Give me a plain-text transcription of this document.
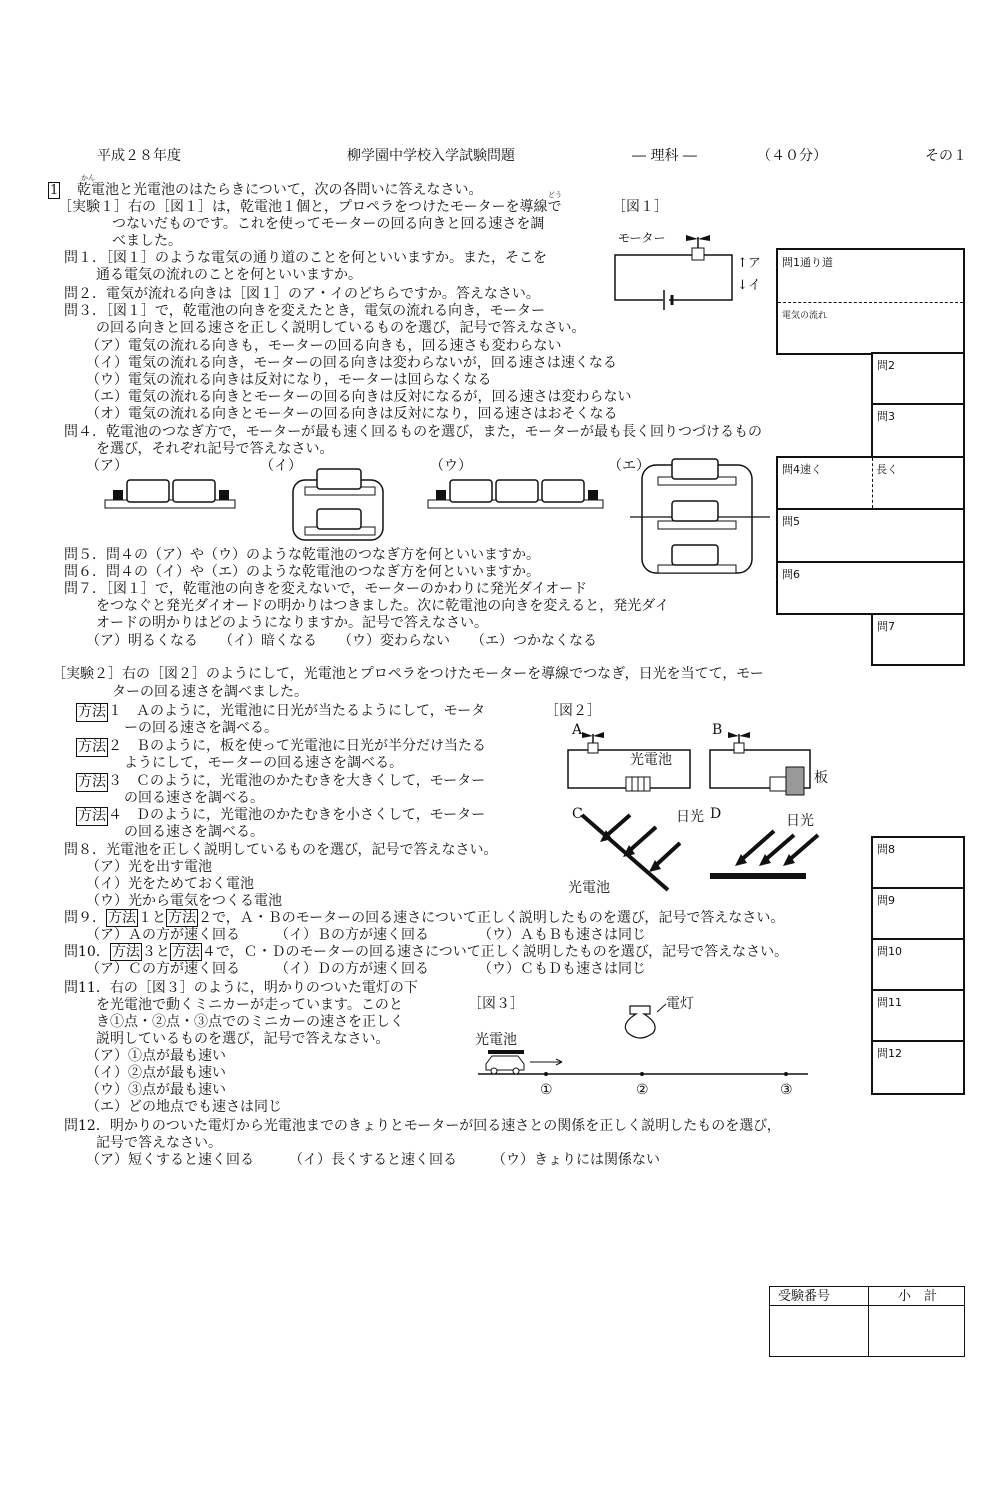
平成２８年度	柳学園中学校入学試験問題	― 理科 ―	（４０分）	その１
1
かん
乾電池と光電池のはたらきについて，次の各問いに答えなさい。	どう
［実験１］右の［図１］は，乾電池１個と，プロペラをつけたモーターを導線で
つないだものです。これを使ってモーターの回る向きと回る速さを調
べました。
［図１］
モーター
↑ア
↓イ
問１．［図１］のような電気の通り道のことを何といいますか。また，そこを
通る電気の流れのことを何といいますか。
問２．電気が流れる向きは［図１］のア・イのどちらですか。答えなさい。
問３．［図１］で，乾電池の向きを変えたとき，電気の流れる向き，モーター
の回る向きと回る速さを正しく説明しているものを選び，記号で答えなさい。
（ア）電気の流れる向きも，モーターの回る向きも，回る速さも変わらない
（イ）電気の流れる向き，モーターの回る向きは変わらないが，回る速さは速くなる
（ウ）電気の流れる向きは反対になり，モーターは回らなくなる
（エ）電気の流れる向きとモーターの回る向きは反対になるが，回る速さは変わらない
（オ）電気の流れる向きとモーターの回る向きは反対になり，回る速さはおそくなる
問４．乾電池のつなぎ方で，モーターが最も速く回るものを選び，また，モーターが最も長く回りつづけるもの
を選び，それぞれ記号で答えなさい。
（ア）	（イ）	（ウ）	（エ）
問５．問４の（ア）や（ウ）のような乾電池のつなぎ方を何といいますか。
問６．問４の（イ）や（エ）のような乾電池のつなぎ方を何といいますか。
問７．［図１］で，乾電池の向きを変えないで，モーターのかわりに発光ダイオード
をつなぐと発光ダイオードの明かりはつきました。次に乾電池の向きを変えると，発光ダイ
オードの明かりはどのようになりますか。記号で答えなさい。
（ア）明るくなる　　（イ）暗くなる　　（ウ）変わらない　　（エ）つかなくなる
［実験２］右の［図２］のようにして，光電池とプロペラをつけたモーターを導線でつなぎ，日光を当てて，モー
ターの回る速さを調べました。
方法 １　Ａのように，光電池に日光が当たるようにして，モータ
ーの回る速さを調べる。
方法 ２　Ｂのように，板を使って光電池に日光が半分だけ当たる
ようにして，モーターの回る速さを調べる。
方法 ３　Ｃのように，光電池のかたむきを大きくして，モーター
の回る速さを調べる。
方法 ４　Ｄのように，光電池のかたむきを小さくして，モーター
の回る速さを調べる。
［図２］
A	B
光電池
板
C	D
日光	日光
光電池
問８．光電池を正しく説明しているものを選び，記号で答えなさい。
（ア）光を出す電池
（イ）光をためておく電池
（ウ）光から電気をつくる電池
問９． 方法 １と 方法 ２で，Ａ・Ｂのモーターの回る速さについて正しく説明したものを選び，記号で答えなさい。
（ア）Ａの方が速く回る　　　（イ）Ｂの方が速く回る　　　　（ウ）ＡもＢも速さは同じ
問10． 方法 ３と 方法 ４で，Ｃ・Ｄのモーターの回る速さについて正しく説明したものを選び，記号で答えなさい。
（ア）Ｃの方が速く回る　　　（イ）Ｄの方が速く回る　　　　（ウ）ＣもＤも速さは同じ
問11．右の［図３］のように，明かりのついた電灯の下
を光電池で動くミニカーが走っています。このと
き①点・②点・③点でのミニカーの速さを正しく
説明しているものを選び，記号で答えなさい。
（ア）①点が最も速い
（イ）②点が最も速い
（ウ）③点が最も速い
（エ）どの地点でも速さは同じ
［図３］	電灯
光電池
①	②	③
問12．明かりのついた電灯から光電池までのきょりとモーターが回る速さとの関係を正しく説明したものを選び，
記号で答えなさい。
（ア）短くすると速く回る　　　（イ）長くすると速く回る　　　（ウ）きょりには関係ない
問1通り道
電気の流れ
問2
問3
問4速く	長く
問5
問6
問7
問8
問9
問10
問11
問12
受験番号	小　計
